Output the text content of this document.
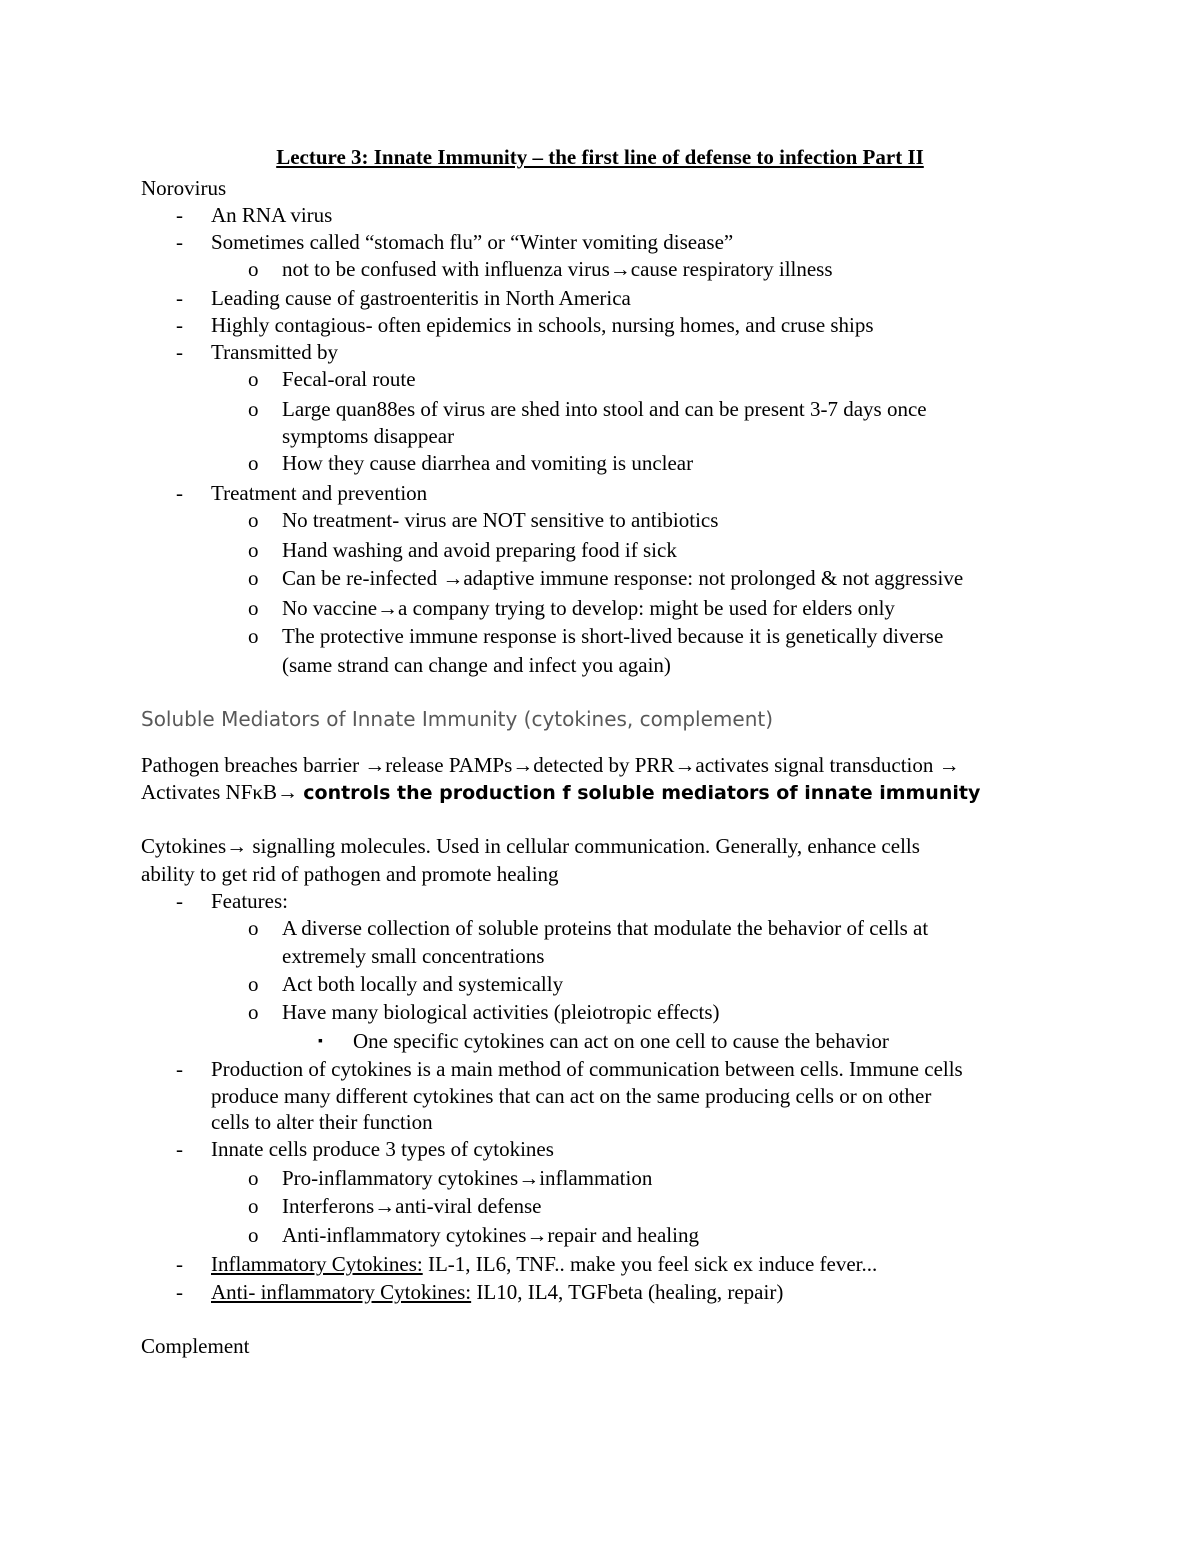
Lecture 3: Innate Immunity – the first line of defense to infection Part II
Norovirus
- An RNA virus
- Sometimes called “stomach flu” or “Winter vomiting disease”
o not to be confused with influenza virus→cause respiratory illness
- Leading cause of gastroenteritis in North America
- Highly contagious- often epidemics in schools, nursing homes, and cruse ships
- Transmitted by
o Fecal-oral route
o Large quan88es of virus are shed into stool and can be present 3-7 days once
symptoms disappear
o How they cause diarrhea and vomiting is unclear
- Treatment and prevention
o No treatment- virus are NOT sensitive to antibiotics
o Hand washing and avoid preparing food if sick
o Can be re-infected →adaptive immune response: not prolonged & not aggressive
o No vaccine→a company trying to develop: might be used for elders only
o The protective immune response is short-lived because it is genetically diverse
(same strand can change and infect you again)
Soluble Mediators of Innate Immunity (cytokines, complement)
Pathogen breaches barrier →release PAMPs→detected by PRR→activates signal transduction →
Activates NFκB→ controls the production f soluble mediators of innate immunity
Cytokines→ signalling molecules. Used in cellular communication. Generally, enhance cells
ability to get rid of pathogen and promote healing
- Features:
o A diverse collection of soluble proteins that modulate the behavior of cells at
extremely small concentrations
o Act both locally and systemically
o Have many biological activities (pleiotropic effects)
▪ One specific cytokines can act on one cell to cause the behavior
- Production of cytokines is a main method of communication between cells. Immune cells
produce many different cytokines that can act on the same producing cells or on other
cells to alter their function
- Innate cells produce 3 types of cytokines
o Pro-inflammatory cytokines→inflammation
o Interferons→anti-viral defense
o Anti-inflammatory cytokines→repair and healing
- Inflammatory Cytokines: IL-1, IL6, TNF.. make you feel sick ex induce fever...
- Anti- inflammatory Cytokines: IL10, IL4, TGFbeta (healing, repair)
Complement
